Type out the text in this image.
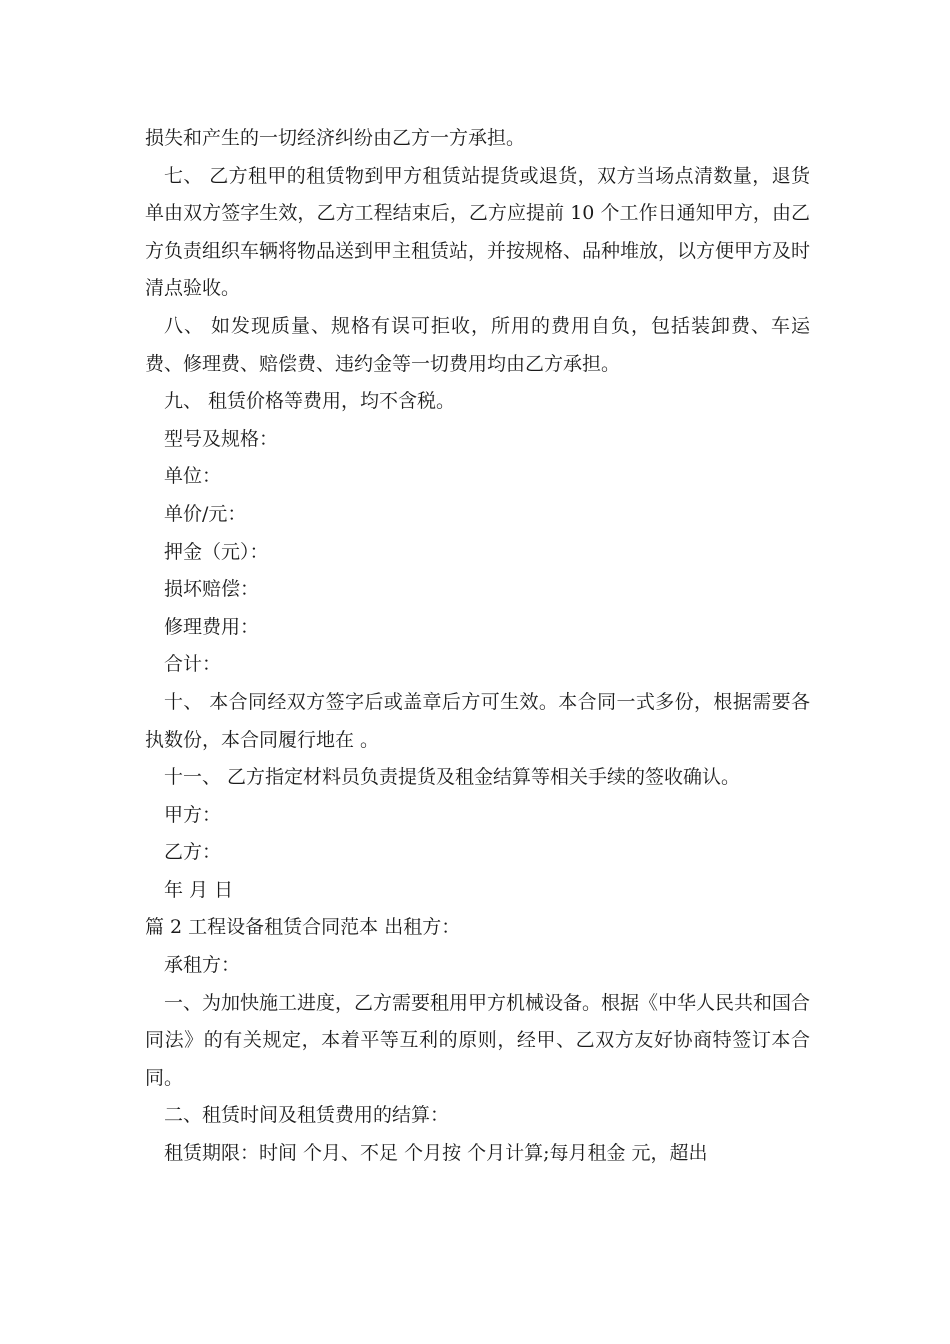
损失和产生的一切经济纠纷由乙方一方承担。

七、 乙方租甲的租赁物到甲方租赁站提货或退货，双方当场点清数量，退货单由双方签字生效，乙方工程结束后，乙方应提前 10 个工作日通知甲方，由乙方负责组织车辆将物品送到甲主租赁站，并按规格、品种堆放，以方便甲方及时清点验收。

八、 如发现质量、规格有误可拒收，所用的费用自负，包括装卸费、车运费、修理费、赔偿费、违约金等一切费用均由乙方承担。

九、 租赁价格等费用，均不含税。

型号及规格：

单位：

单价/元：

押金（元）：

损坏赔偿：

修理费用：

合计：

十、 本合同经双方签字后或盖章后方可生效。本合同一式多份，根据需要各执数份，本合同履行地在 。

十一、 乙方指定材料员负责提货及租金结算等相关手续的签收确认。

甲方：

乙方：

年 月 日

篇 2 工程设备租赁合同范本 出租方：

承租方：

一、为加快施工进度，乙方需要租用甲方机械设备。根据《中华人民共和国合同法》的有关规定，本着平等互利的原则，经甲、乙双方友好协商特签订本合同。

二、租赁时间及租赁费用的结算：

租赁期限：时间 个月、不足 个月按 个月计算;每月租金 元，超出
